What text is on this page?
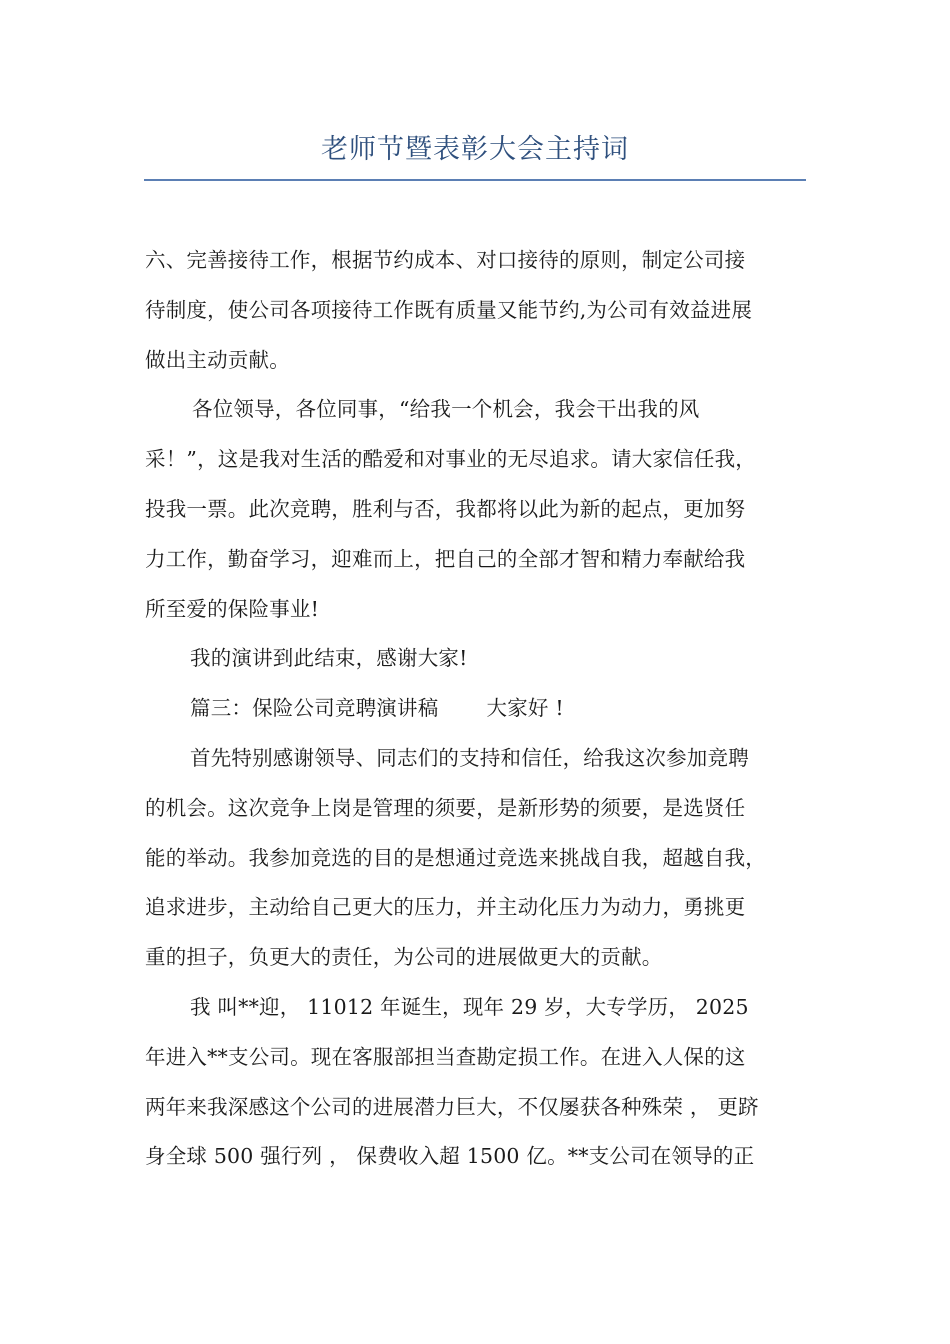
老师节暨表彰大会主持词

六、完善接待工作，根据节约成本、对口接待的原则，制定公司接
待制度，使公司各项接待工作既有质量又能节约,为公司有效益进展
做出主动贡献。

各位领导，各位同事，“给我一个机会，我会干出我的风
采！”，这是我对生活的酷爱和对事业的无尽追求。请大家信任我，
投我一票。此次竞聘，胜利与否，我都将以此为新的起点，更加努
力工作，勤奋学习，迎难而上，把自己的全部才智和精力奉献给我
所至爱的保险事业!

我的演讲到此结束，感谢大家!

篇三：保险公司竞聘演讲稿　　 大家好 !

首先特别感谢领导、同志们的支持和信任，给我这次参加竞聘
的机会。这次竞争上岗是管理的须要，是新形势的须要，是选贤任
能的举动。我参加竞选的目的是想通过竞选来挑战自我，超越自我，
追求进步，主动给自己更大的压力，并主动化压力为动力，勇挑更
重的担子，负更大的责任，为公司的进展做更大的贡献。

我 叫**迎， 11012 年诞生，现年 29 岁，大专学历， 2025
年进入**支公司。现在客服部担当查勘定损工作。在进入人保的这
两年来我深感这个公司的进展潜力巨大，不仅屡获各种殊荣 ， 更跻
身全球 500 强行列 ， 保费收入超 1500 亿。**支公司在领导的正
